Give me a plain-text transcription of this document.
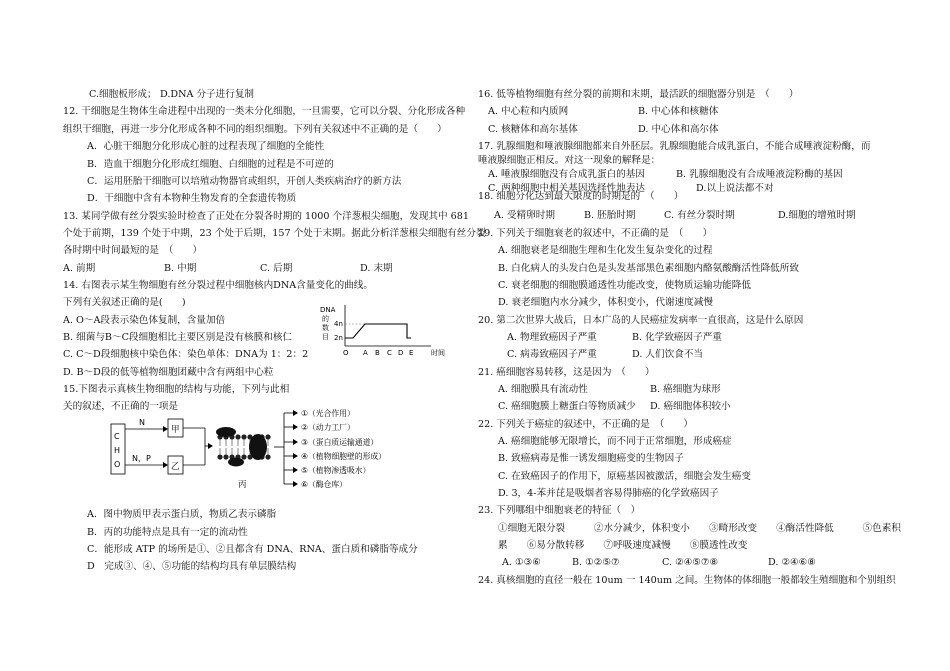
C.细胞板形成； D.DNA 分子进行复制
12. 干细胞是生物体生命进程中出现的一类未分化细胞，一旦需要，它可以分裂、分化形成各种
组织干细胞，再进一步分化形成各种不同的组织细胞。下列有关叙述中不正确的是（　　）
A．心脏干细胞分化形成心脏的过程表现了细胞的全能性
B．造血干细胞分化形成红细胞、白细胞的过程是不可逆的
C．运用胚胎干细胞可以培殖动物器官或组织，开创人类疾病治疗的新方法
D．干细胞中含有本物种生物发育的全套遗传物质
13. 某同学做有丝分裂实验时检查了正处在分裂各时期的 1000 个洋葱根尖细胞，发现其中 681
个处于前期，139 个处于中期，23 个处于后期，157 个处于末期。据此分析洋葱根尖细胞有丝分裂
各时期中时间最短的是　（　　）
A. 前期	B. 中期	C. 后期	D. 末期
14. 右图表示某生物细胞有丝分裂过程中细胞核内DNA含量变化的曲线。
下列有关叙述正确的是(　　)
A. O～A段表示染色体复制，含量加倍
B. 细菌与B～C段细胞相比主要区别是没有核膜和核仁
C. C～D段细胞核中染色体：染色单体：DNA为 1：2：2
D. B～D段的低等植物细胞团藏中含有两组中心粒
15.下图表示真核生物细胞的结构与功能，下列与此相
关的叙述，不正确的一项是
DNA
的
数
目
4n
2n
O A B C D E	时间
C
H
O
N
N，P
甲
乙
丙
①（光合作用）
②（动力工厂）
③（蛋白质运输通道）
④（植物细胞壁的形成）
⑤（植物渗透吸水）
⑥（酶仓库）
A．图中物质甲表示蛋白质，物质乙表示磷脂
B．丙的功能特点是具有一定的流动性
C．能形成 ATP 的场所是①、②且都含有 DNA、RNA、蛋白质和磷脂等成分
D　完成③、④、⑤功能的结构均具有单层膜结构
16. 低等植物细胞有丝分裂的前期和末期，最活跃的细胞器分别是　（　　）
A. 中心粒和内质网	B. 中心体和核糖体
C. 核糖体和高尔基体	D. 中心体和高尔体
17. 乳腺细胞和唾液腺细胞都来自外胚层。乳腺细胞能合成乳蛋白，不能合成唾液淀粉酶，而
唾液腺细胞正相反。对这一现象的解释是：
A. 唾液腺细胞没有合成乳蛋白的基因	B. 乳腺细胞没有合成唾液淀粉酶的基因
C. 两种细胞中相关基因选择性地表达	D.以上说法都不对
18. 细胞分化达到最大限度的时期是的　（　　）
A. 受精卵时期	B. 胚胎时期	C. 有丝分裂时期	D.细胞的增殖时期
19. 下列关于细胞衰老的叙述中，不正确的是　（　　）
A. 细胞衰老是细胞生理和生化发生复杂变化的过程
B. 白化病人的头发白色是头发基部黑色素细胞内酪氨酸酶活性降低所致
C. 衰老细胞的细胞膜通透性功能改变，使物质运输功能降低
D. 衰老细胞内水分减少，体积变小，代谢速度减慢
20. 第二次世界大战后，日本广岛的人民癌症发病率一直很高，这是什么原因
A. 物理致癌因子严重	B. 化学致癌因子严重
C. 病毒致癌因子严重	D. 人们饮食不当
21. 癌细胞容易转移，这是因为　（　　）
A. 细胞膜具有流动性	B. 癌细胞为球形
C. 癌细胞膜上糖蛋白等物质减少 D. 癌细胞体积较小
22. 下列关于癌症的叙述中，不正确的是　（　　）
A. 癌细胞能够无限增长，而不同于正常细胞，形成癌症
B. 致癌病毒是惟一诱发细胞癌变的生物因子
C. 在致癌因子的作用下，原癌基因被激活，细胞会发生癌变
D. 3，4-苯并芘是吸烟者容易得肺癌的化学致癌因子
23. 下列哪组中细胞衰老的特征（　）
①细胞无限分裂　　　②水分减少，体积变小　　③畸形改变　　④酶活性降低　　　⑤色素积
累　　⑥易分散转移　　⑦呼吸速度减慢　　⑧膜透性改变
A. ①③⑥	B. ①②⑤⑦	C. ②④⑤⑦⑧	D. ②④⑥⑧
24. 真核细胞的直径一般在 10um 一 140um 之间。生物体的体细胞一般都较生殖细胞和个别组织
